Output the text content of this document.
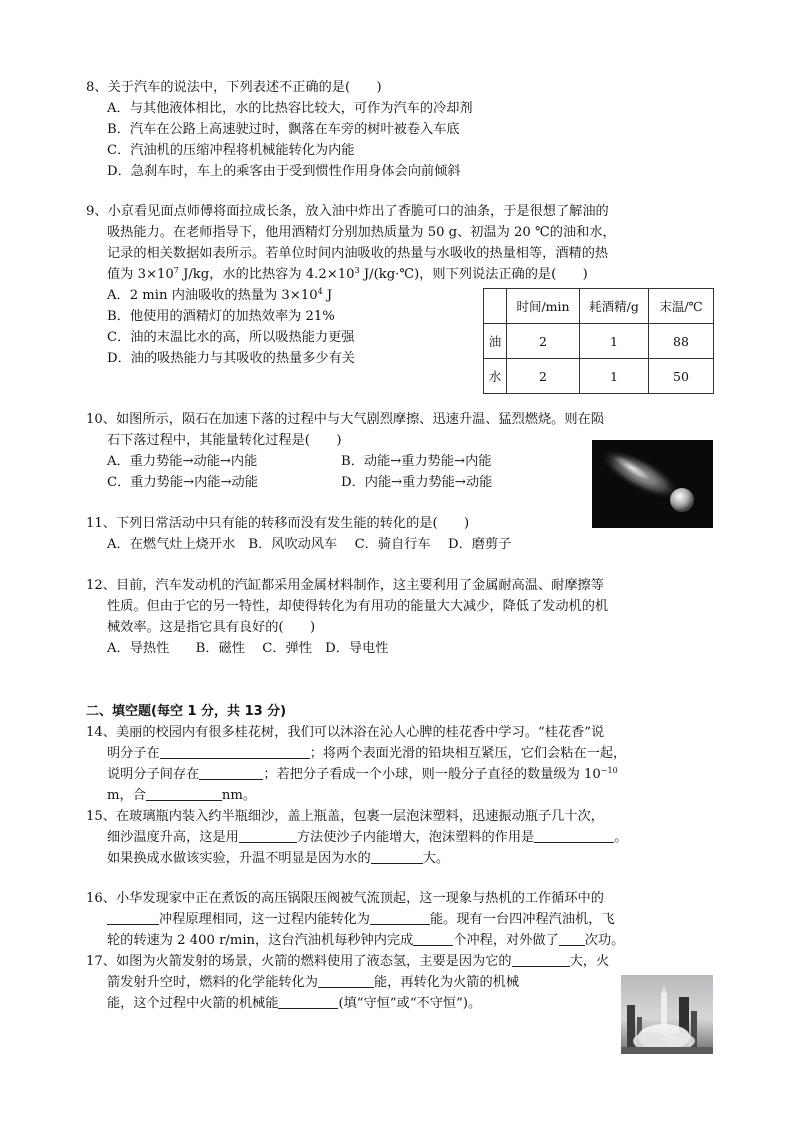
8、关于汽车的说法中，下列表述不正确的是(　　)
A．与其他液体相比，水的比热容比较大，可作为汽车的冷却剂
B．汽车在公路上高速驶过时，飘落在车旁的树叶被卷入车底
C．汽油机的压缩冲程将机械能转化为内能
D．急刹车时，车上的乘客由于受到惯性作用身体会向前倾斜
9、小京看见面点师傅将面拉成长条，放入油中炸出了香脆可口的油条，于是很想了解油的
吸热能力。在老师指导下，他用酒精灯分别加热质量为 50 g、初温为 20 ℃的油和水，
记录的相关数据如表所示。若单位时间内油吸收的热量与水吸收的热量相等，酒精的热
值为 $3\times 10^7$ J/kg，水的比热容为 $4.2\times 10^3$ J/(kg·℃)，则下列说法正确的是(　　)
A．2 min 内油吸收的热量为 $3\times 10^4$ J
B．他使用的酒精灯的加热效率为 21%
C．油的末温比水的高，所以吸热能力更强
D．油的吸热能力与其吸收的热量多少有关
	时间/min	耗酒精/g	末温/℃
油	2	1	88
水	2	1	50
10、如图所示，陨石在加速下落的过程中与大气剧烈摩擦、迅速升温、猛烈燃烧。则在陨
石下落过程中，其能量转化过程是(　　)
A．重力势能→动能→内能	B．动能→重力势能→内能
C．重力势能→内能→动能	D．内能→重力势能→动能
11、下列日常活动中只有能的转移而没有发生能的转化的是(　　)
A．在燃气灶上烧开水　B．风吹动风车　 C．骑自行车　 D．磨剪子
12、目前，汽车发动机的汽缸都采用金属材料制作，这主要利用了金属耐高温、耐摩擦等
性质。但由于它的另一特性，却使得转化为有用功的能量大大减少，降低了发动机的机
械效率。这是指它具有良好的(　　)
A．导热性　　B．磁性　 C．弹性　D．导电性
二、填空题(每空 1 分，共 13 分)
14、美丽的校园内有很多桂花树，我们可以沐浴在沁人心脾的桂花香中学习。“桂花香”说
明分子在	；将两个表面光滑的铅块相互紧压，它们会粘在一起，
说明分子间存在	；若把分子看成一个小球，则一般分子直径的数量级为 $10^{-10}$
m，合	nm。
15、在玻璃瓶内装入约半瓶细沙，盖上瓶盖，包裹一层泡沫塑料，迅速振动瓶子几十次，
细沙温度升高，这是用	方法使沙子内能增大，泡沫塑料的作用是	。
如果换成水做该实验，升温不明显是因为水的	大。
16、小华发现家中正在煮饭的高压锅限压阀被气流顶起，这一现象与热机的工作循环中的
冲程原理相同，这一过程内能转化为	能。现有一台四冲程汽油机，飞
轮的转速为 2 400 r/min，这台汽油机每秒钟内完成	个冲程，对外做了 次功。
17、如图为火箭发射的场景，火箭的燃料使用了液态氢，主要是因为它的	大，火
箭发射升空时，燃料的化学能转化为	能，再转化为火箭的机械
能，这个过程中火箭的机械能	(填“守恒”或“不守恒”)。
